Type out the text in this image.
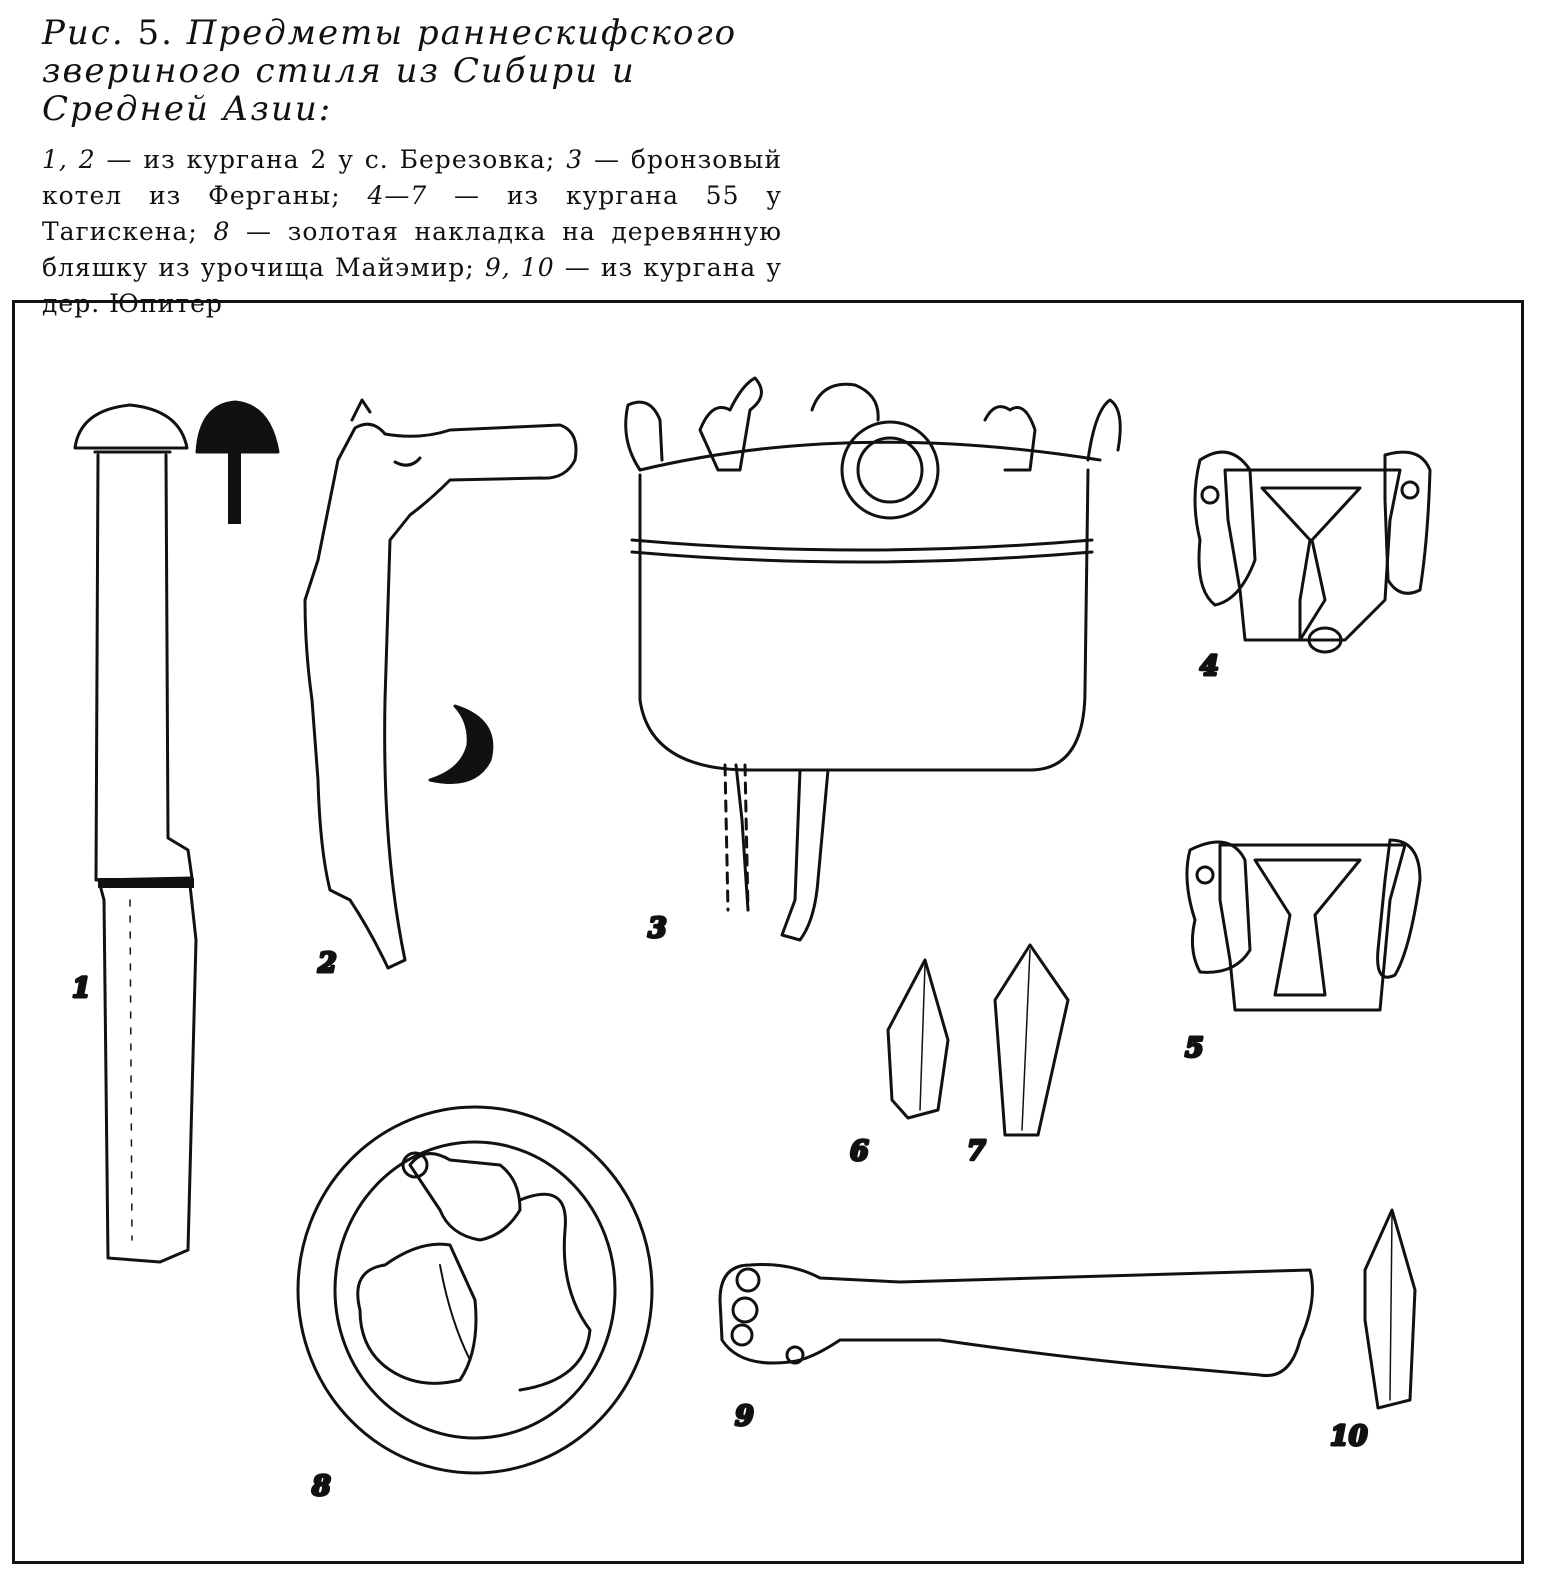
Рис. 5. Предметы раннескифского звериного стиля из Сибири и Средней Азии:

1, 2 — из кургана 2 у с. Березовка; 3 — бронзовый котел из Ферганы; 4—7 — из кургана 55 у Тагискена; 8 — золотая накладка на деревянную бляшку из урочища Майэмир; 9, 10 — из кургана у дер. Юпитер
1
2
3
4
5
6	7
8
9
10
